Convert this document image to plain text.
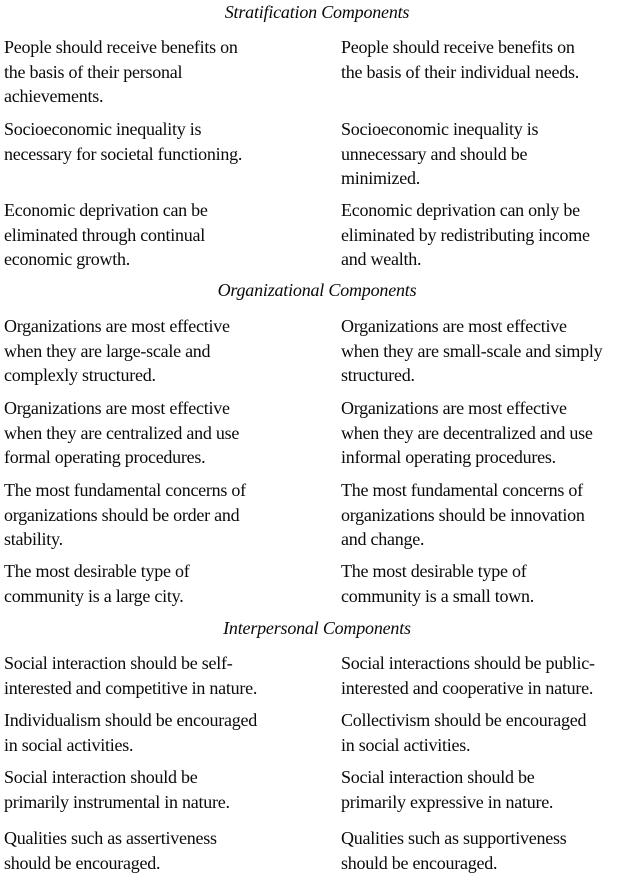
Stratification Components
People should receive benefits on
the basis of their personal
achievements.
People should receive benefits on
the basis of their individual needs.
Socioeconomic inequality is
necessary for societal functioning.
Socioeconomic inequality is
unnecessary and should be
minimized.
Economic deprivation can be
eliminated through continual
economic growth.
Economic deprivation can only be
eliminated by redistributing income
and wealth.
Organizational Components
Organizations are most effective
when they are large-scale and
complexly structured.
Organizations are most effective
when they are small-scale and simply
structured.
Organizations are most effective
when they are centralized and use
formal operating procedures.
Organizations are most effective
when they are decentralized and use
informal operating procedures.
The most fundamental concerns of
organizations should be order and
stability.
The most fundamental concerns of
organizations should be innovation
and change.
The most desirable type of
community is a large city.
The most desirable type of
community is a small town.
Interpersonal Components
Social interaction should be self-
interested and competitive in nature.
Social interactions should be public-
interested and cooperative in nature.
Individualism should be encouraged
in social activities.
Collectivism should be encouraged
in social activities.
Social interaction should be
primarily instrumental in nature.
Social interaction should be
primarily expressive in nature.
Qualities such as assertiveness
should be encouraged.
Qualities such as supportiveness
should be encouraged.
